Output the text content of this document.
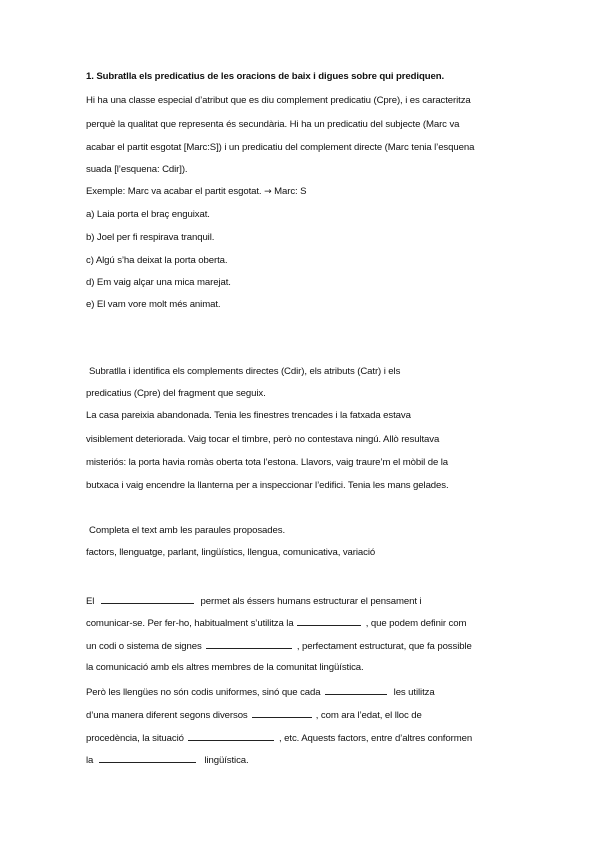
1. Subratlla els predicatius de les oracions de baix i digues sobre qui prediquen.
Hi ha una classe especial d’atribut que es diu complement predicatiu (Cpre), i es caracteritza
perquè la qualitat que representa és secundària. Hi ha un predicatiu del subjecte (Marc va
acabar el partit esgotat [Marc:S]) i un predicatiu del complement directe (Marc tenia l’esquena
suada [l’esquena: Cdir]).
Exemple: Marc va acabar el partit esgotat. → Marc: S
a) Laia porta el braç enguixat.
b) Joel per fi respirava tranquil.
c) Algú s’ha deixat la porta oberta.
d) Em vaig alçar una mica marejat.
e) El vam vore molt més animat.
Subratlla i identifica els complements directes (Cdir), els atributs (Catr) i els
predicatius (Cpre) del fragment que seguix.
La casa pareixia abandonada. Tenia les finestres trencades i la fatxada estava
visiblement deteriorada. Vaig tocar el timbre, però no contestava ningú. Allò resultava
misteriós: la porta havia romàs oberta tota l’estona. Llavors, vaig traure’m el mòbil de la
butxaca i vaig encendre la llanterna per a inspeccionar l’edifici. Tenia les mans gelades.
Completa el text amb les paraules proposades.
factors, llenguatge, parlant, lingüístics, llengua, comunicativa, variació
El	permet als éssers humans estructurar el pensament i
comunicar-se. Per fer-ho, habitualment s’utilitza la	, que podem definir com
un codi o sistema de signes	, perfectament estructurat, que fa possible
la comunicació amb els altres membres de la comunitat lingüística.
Però les llengües no són codis uniformes, sinó que cada	les utilitza
d’una manera diferent segons diversos	, com ara l’edat, el lloc de
procedència, la situació	, etc. Aquests factors, entre d’altres conformen
la	lingüística.
